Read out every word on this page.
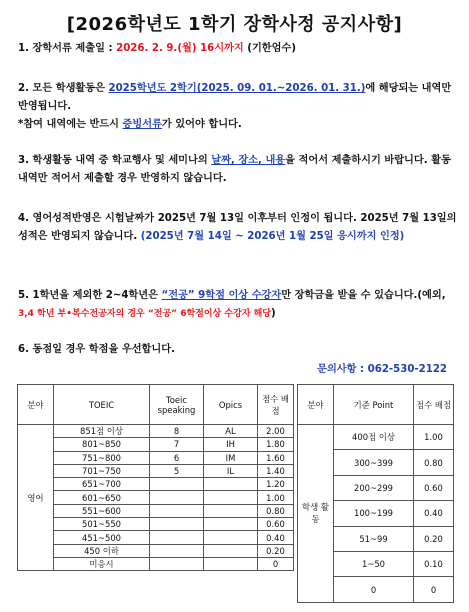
[2026학년도 1학기 장학사정 공지사항]
1. 장학서류 제출일 : 2026. 2. 9.(월) 16시까지 (기한엄수)
2. 모든 학생활동은 2025학년도 2학기(2025. 09. 01.~2026. 01. 31.)에 해당되는 내역만 반영됩니다.
*참여 내역에는 반드시 증빙서류가 있어야 합니다.
3. 학생활동 내역 중 학교행사 및 세미나의 날짜, 장소, 내용을 적어서 제출하시기 바랍니다. 활동내역만 적어서 제출할 경우 반영하지 않습니다.
4. 영어성적반영은 시험날짜가 2025년 7월 13일 이후부터 인정이 됩니다. 2025년 7월 13일의 성적은 반영되지 않습니다. (2025년 7월 14일 ~ 2026년 1월 25일 응시까지 인정)
5. 1학년을 제외한 2~4학년은 “전공” 9학점 이상 수강자만 장학금을 받을 수 있습니다.(예외, 3,4 학년 부•복수전공자의 경우 “전공” 6학점이상 수강자 해당)
6. 동점일 경우 학점을 우선합니다.
문의사항 : 062-530-2122
분야	TOEIC	Toeic speaking	Opics	점수 배점
영어	851점 이상	8	AL	2.00
	801~850	7	IH	1.80
	751~800	6	IM	1.60
	701~750	5	IL	1.40
	651~700			1.20
	601~650			1.00
	551~600			0.80
	501~550			0.60
	451~500			0.40
	450 이하			0.20
	미응시			0
분야	기준 Point	점수 배점
학생 활동	400점 이상	1.00
	300~399	0.80
	200~299	0.60
	100~199	0.40
	51~99	0.20
	1~50	0.10
	0	0
